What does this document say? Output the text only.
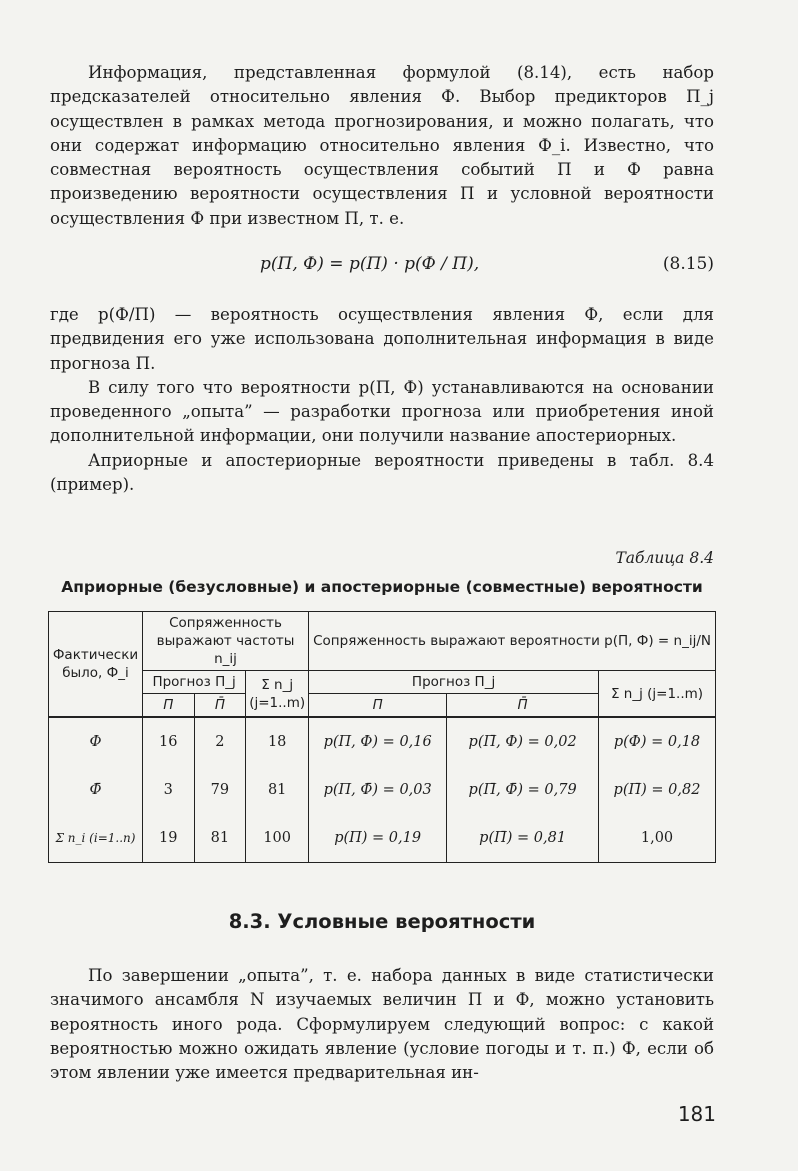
Информация, представленная формулой (8.14), есть набор предсказателей относительно явления Ф. Выбор предикторов П_j осуществлен в рамках метода прогнозирования, и можно полагать, что они содержат информацию относительно явления Ф_i. Известно, что совместная вероятность осуществления событий П и Ф равна произведению вероятности осуществления П и условной вероятности осуществления Ф при известном П, т. е.

p(П, Ф) = p(П) · p(Ф / П),	(8.15)

где p(Ф/П) — вероятность осуществления явления Ф, если для предвидения его уже использована дополнительная информация в виде прогноза П.

В силу того что вероятности p(П, Ф) устанавливаются на основании проведенного „опыта” — разработки прогноза или приобретения иной дополнительной информации, они получили название апостериорных.

Априорные и апостериорные вероятности приведены в табл. 8.4 (пример).

Таблица 8.4
Априорные (безусловные) и апостериорные (совместные) вероятности
Фактически было, Ф_i	Сопряженность выражают частоты n_ij			Сопряженность выражают вероятности p(П, Ф) = n_ij/N		
	Прогноз П_j		Σ n_j (j=1..m)	Прогноз П_j		Σ n_j (j=1..m)
	П	П̄		П	П̄	
Ф	16	2	18	p(П, Ф) = 0,16	p(П̄, Ф) = 0,02	p(Ф) = 0,18
Ф̄	3	79	81	p(П, Ф̄) = 0,03	p(П̄, Ф̄) = 0,79	p(П̄) = 0,82
Σ n_i (i=1..n)	19	81	100	p(П) = 0,19	p(П̄) = 0,81	1,00
8.3. Условные вероятности

По завершении „опыта”, т. е. набора данных в виде статистически значимого ансамбля N изучаемых величин П и Ф, можно установить вероятность иного рода. Сформулируем следующий вопрос: с какой вероятностью можно ожидать явление (условие погоды и т. п.) Ф, если об этом явлении уже имеется предварительная ин-

181
